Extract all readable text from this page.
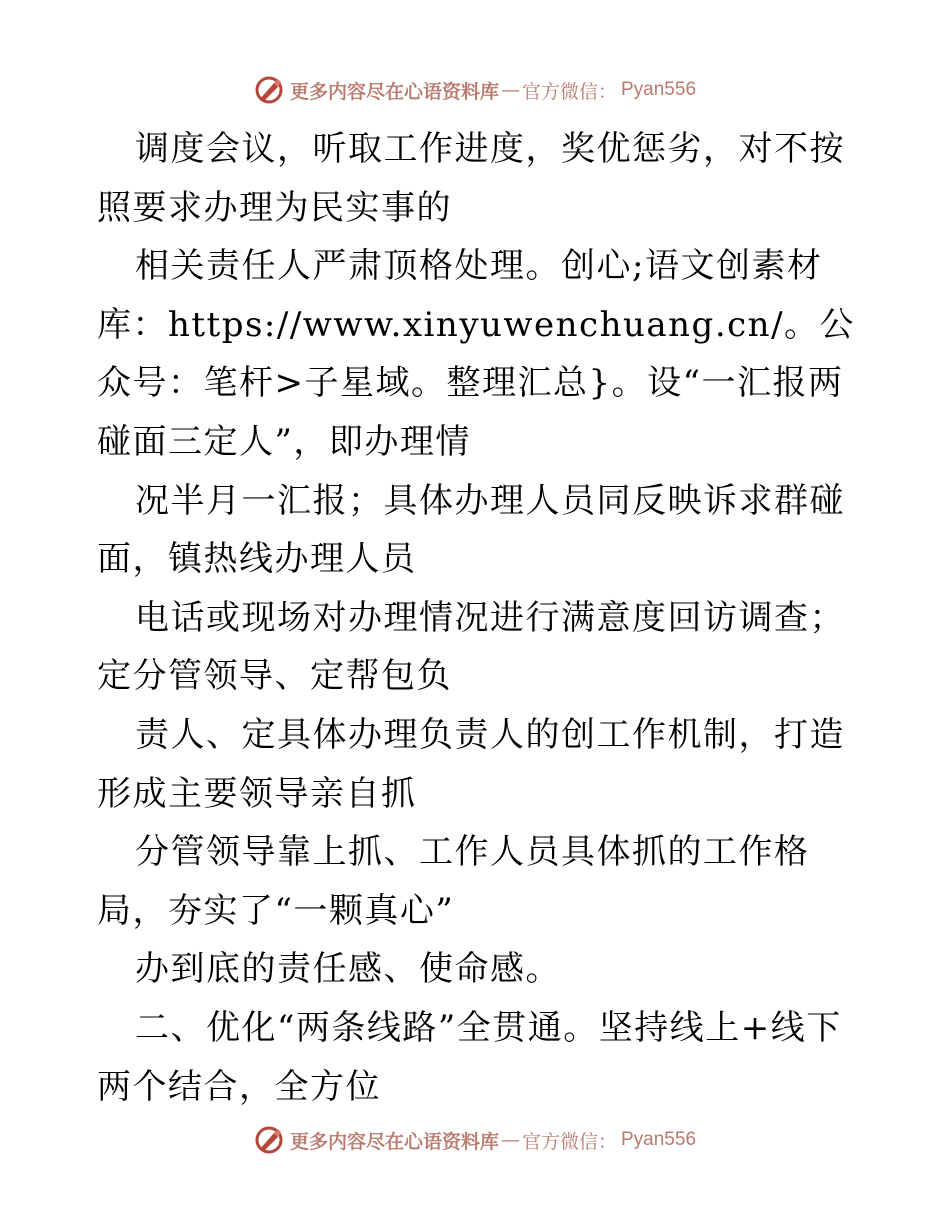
更多内容尽在心语资料库 — 官方微信： Pyan556

调度会议，听取工作进度，奖优惩劣，对不按照要求办理为民实事的

相关责任人严肃顶格处理。创心;语文创素材库：https://www.xinyuwenchuang.cn/。公众号：笔杆>子星域。整理汇总}。设“一汇报两碰面三定人”，即办理情

况半月一汇报；具体办理人员同反映诉求群碰面，镇热线办理人员

电话或现场对办理情况进行满意度回访调查；定分管领导、定帮包负

责人、定具体办理负责人的创工作机制，打造形成主要领导亲自抓

分管领导靠上抓、工作人员具体抓的工作格局，夯实了“一颗真心”

办到底的责任感、使命感。

二、优化“两条线路”全贯通。坚持线上+线下两个结合，全方位

更多内容尽在心语资料库 — 官方微信： Pyan556
